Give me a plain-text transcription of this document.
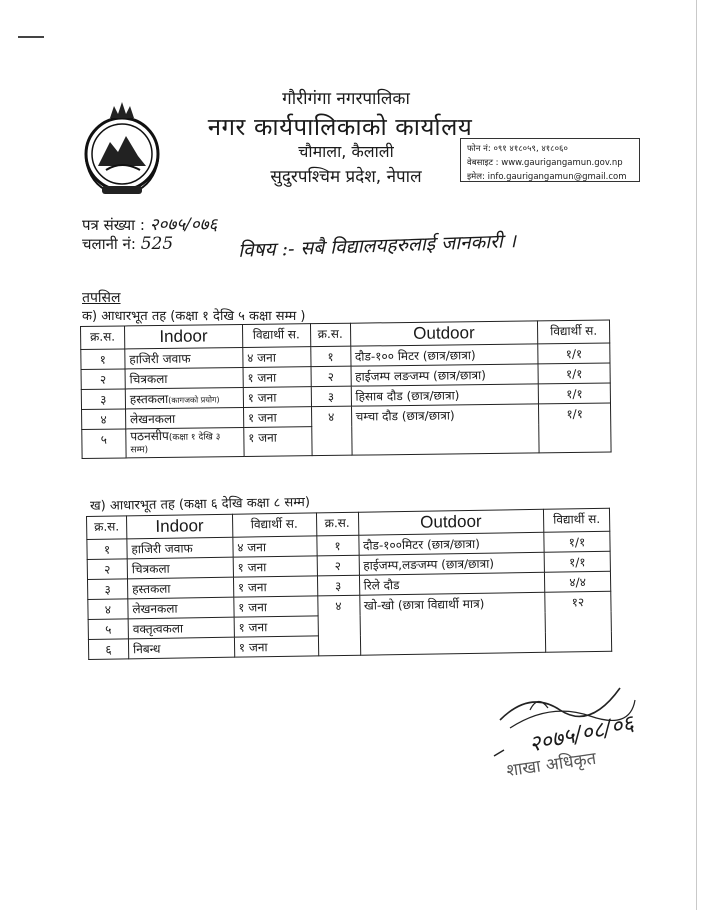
गौरीगंगा नगरपालिका
नगर कार्यपालिकाको कार्यालय
चौमाला, कैलाली
सुदुरपश्चिम प्रदेश, नेपाल
फोन नं: ०९१ ४१८०५९, ४१८०६०
वेबसाइट : www.gaurigangamun.gov.np
इमेल: info.gaurigangamun@gmail.com
पत्र संख्या : २०७५/०७६
चलानी नं: 525	विषय :- सबै विद्यालयहरुलाई जानकारी ।
तपसिल
क) आधारभूत तह (कक्षा १ देखि ५ कक्षा सम्म )
क्र.स.	Indoor	विद्यार्थी स.	क्र.स.	Outdoor	विद्यार्थी स.
१	हाजिरी जवाफ	४ जना	१	दौड-१०० मिटर (छात्र/छात्रा)	१/१
२	चित्रकला	१ जना	२	हाईजम्प लङजम्प (छात्र/छात्रा)	१/१
३	हस्तकला(कागजको प्रयोग)	१ जना	३	हिसाब दौड (छात्र/छात्रा)	१/१
४	लेखनकला	१ जना	४	चम्चा दौड (छात्र/छात्रा)	१/१
५	पठनसीप(कक्षा १ देखि ३ सम्म)	१ जना			
ख) आधारभूत तह (कक्षा ६ देखि कक्षा ८ सम्म)
क्र.स.	Indoor	विद्यार्थी स.	क्र.स.	Outdoor	विद्यार्थी स.
१	हाजिरी जवाफ	४ जना	१	दौड-१००मिटर (छात्र/छात्रा)	१/१
२	चित्रकला	१ जना	२	हाईजम्प,लङजम्प (छात्र/छात्रा)	१/१
३	हस्तकला	१ जना	३	रिले दौड	४/४
४	लेखनकला	१ जना	४	खो-खो (छात्रा विद्यार्थी मात्र)	१२
५	वक्तृत्वकला	१ जना			
६	निबन्ध	१ जना			
२०७५/०८/०६
शाखा अधिकृत
